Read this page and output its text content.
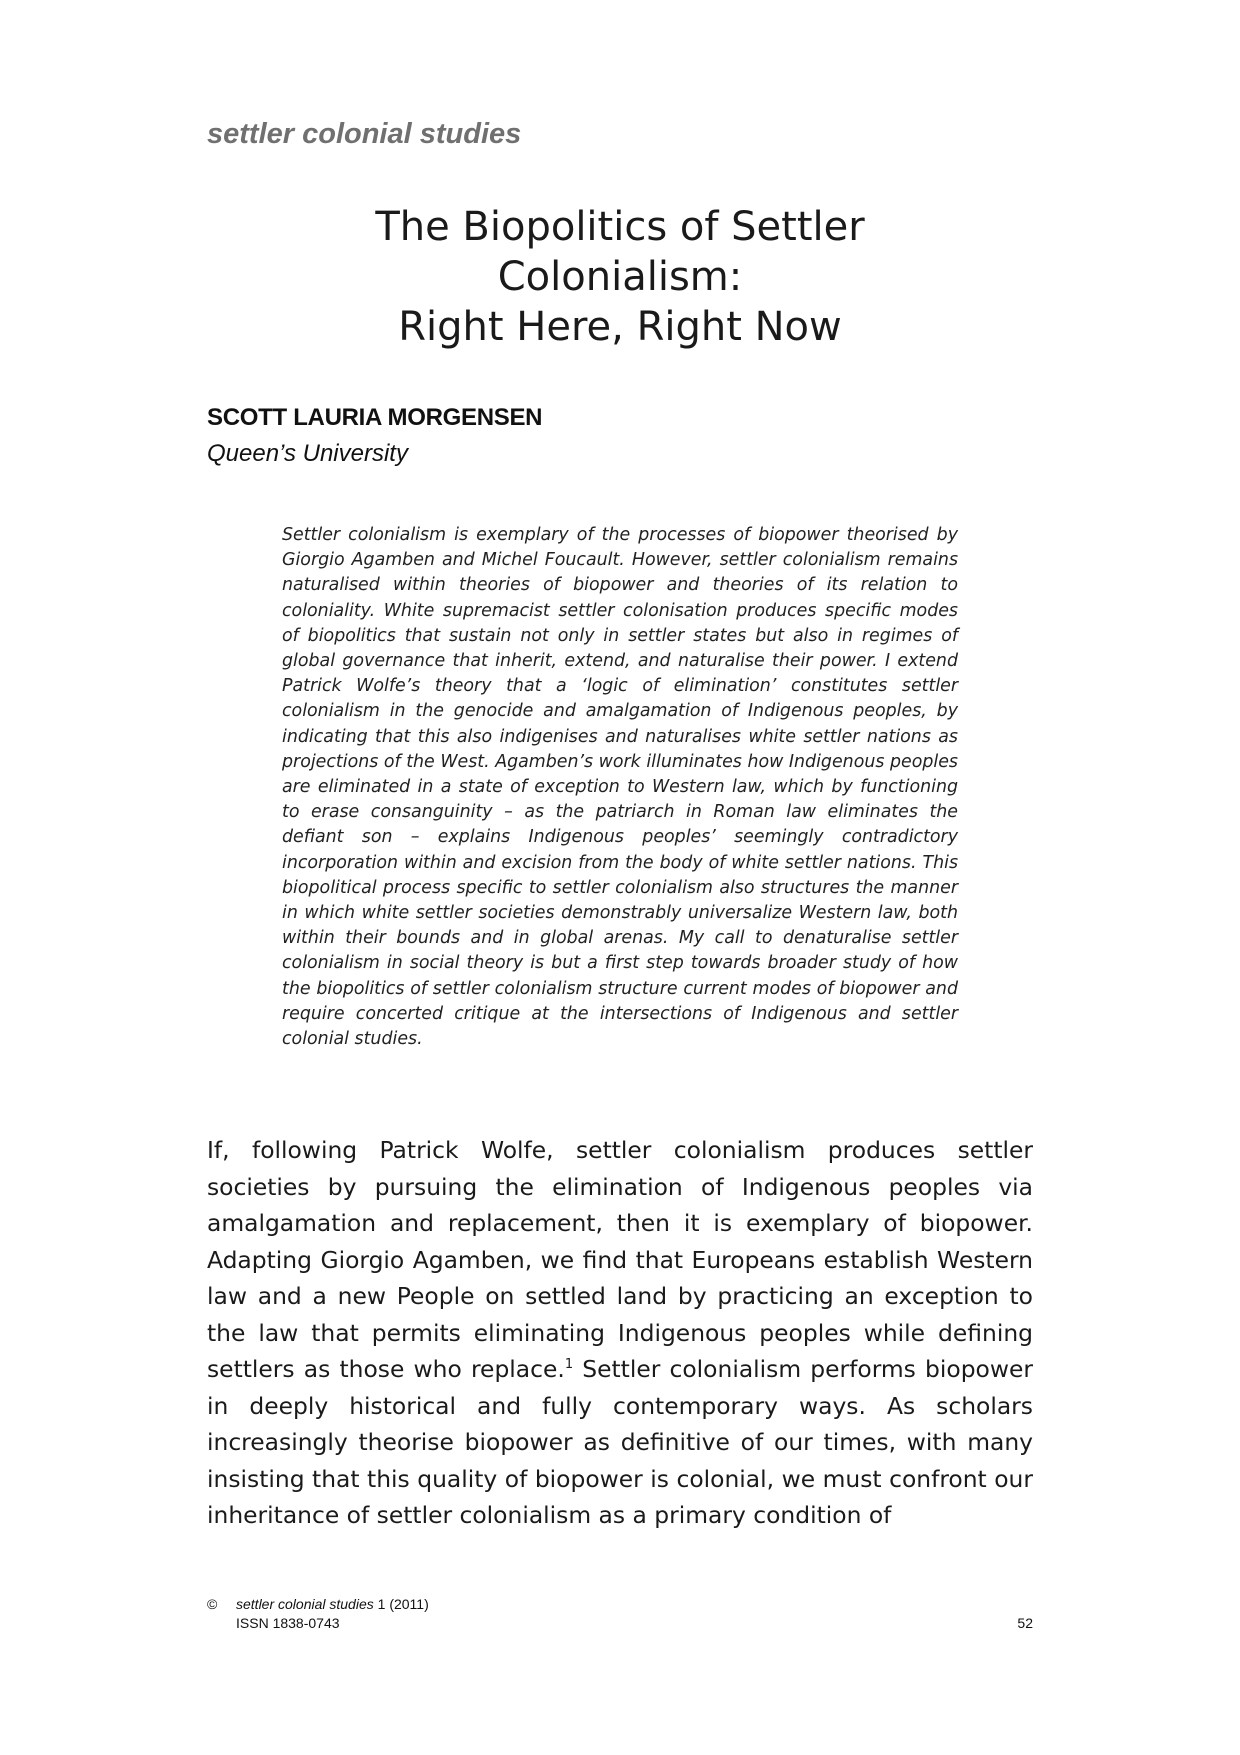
settler colonial studies
The Biopolitics of Settler
Colonialism:
Right Here, Right Now
SCOTT LAURIA MORGENSEN
Queen’s University

Settler colonialism is exemplary of the processes of biopower theorised by Giorgio Agamben and Michel Foucault. However, settler colonialism remains naturalised within theories of biopower and theories of its relation to coloniality. White supremacist settler colonisation produces specific modes of biopolitics that sustain not only in settler states but also in regimes of global governance that inherit, extend, and naturalise their power. I extend Patrick Wolfe’s theory that a ‘logic of elimination’ constitutes settler colonialism in the genocide and amalgamation of Indigenous peoples, by indicating that this also indigenises and naturalises white settler nations as projections of the West. Agamben’s work illuminates how Indigenous peoples are eliminated in a state of exception to Western law, which by functioning to erase consanguinity – as the patriarch in Roman law eliminates the defiant son – explains Indigenous peoples’ seemingly contradictory incorporation within and excision from the body of white settler nations. This biopolitical process specific to settler colonialism also structures the manner in which white settler societies demonstrably universalize Western law, both within their bounds and in global arenas. My call to denaturalise settler colonialism in social theory is but a first step towards broader study of how the biopolitics of settler colonialism structure current modes of biopower and require concerted critique at the intersections of Indigenous and settler colonial studies.

If, following Patrick Wolfe, settler colonialism produces settler societies by pursuing the elimination of Indigenous peoples via amalgamation and replacement, then it is exemplary of biopower. Adapting Giorgio Agamben, we find that Europeans establish Western law and a new People on settled land by practicing an exception to the law that permits eliminating Indigenous peoples while defining settlers as those who replace.$^1$ Settler colonialism performs biopower in deeply historical and fully contemporary ways. As scholars increasingly theorise biopower as definitive of our times, with many insisting that this quality of biopower is colonial, we must confront our inheritance of settler colonialism as a primary condition of

© settler colonial studies 1 (2011)
ISSN 1838-0743	52
